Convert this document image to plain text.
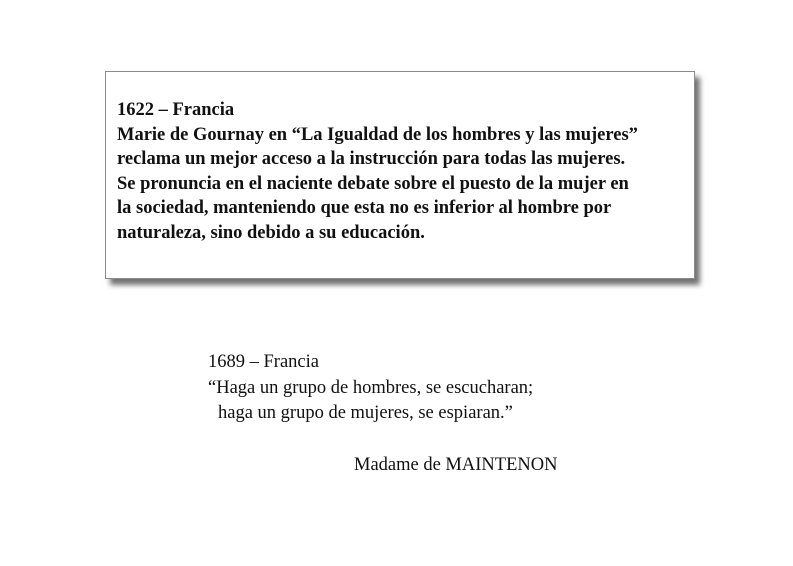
1622 – Francia

Marie de Gournay en “La Igualdad de los hombres y las mujeres”

reclama un mejor acceso a la instrucción para todas las mujeres.

Se pronuncia en el naciente debate sobre el puesto de la mujer en

la sociedad, manteniendo que esta no es inferior al hombre por

naturaleza, sino debido a su educación.

1689 – Francia

“Haga un grupo de hombres, se escucharan;

haga un grupo de mujeres, se espiaran.”

Madame de MAINTENON
